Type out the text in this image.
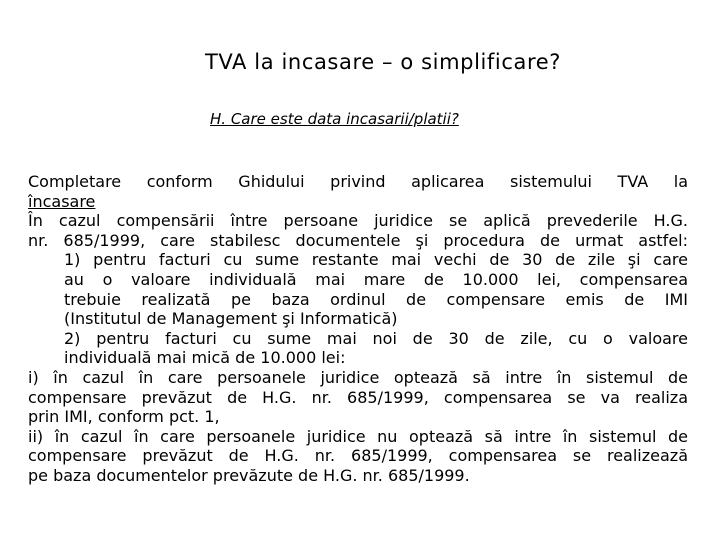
TVA la incasare – o simplificare?
H. Care este data incasarii/platii?
Completare conform Ghidului privind aplicarea sistemului TVA la
încasare
În cazul compensării între persoane juridice se aplică prevederile H.G.
nr. 685/1999, care stabilesc documentele şi procedura de urmat astfel:
1) pentru facturi cu sume restante mai vechi de 30 de zile şi care
au o valoare individuală mai mare de 10.000 lei, compensarea
trebuie realizată pe baza ordinul de compensare emis de IMI
(Institutul de Management şi Informatică)
2) pentru facturi cu sume mai noi de 30 de zile, cu o valoare
individuală mai mică de 10.000 lei:
i) în cazul în care persoanele juridice optează să intre în sistemul de
compensare prevăzut de H.G. nr. 685/1999, compensarea se va realiza
prin IMI, conform pct. 1,
ii) în cazul în care persoanele juridice nu optează să intre în sistemul de
compensare prevăzut de H.G. nr. 685/1999, compensarea se realizează
pe baza documentelor prevăzute de H.G. nr. 685/1999.
